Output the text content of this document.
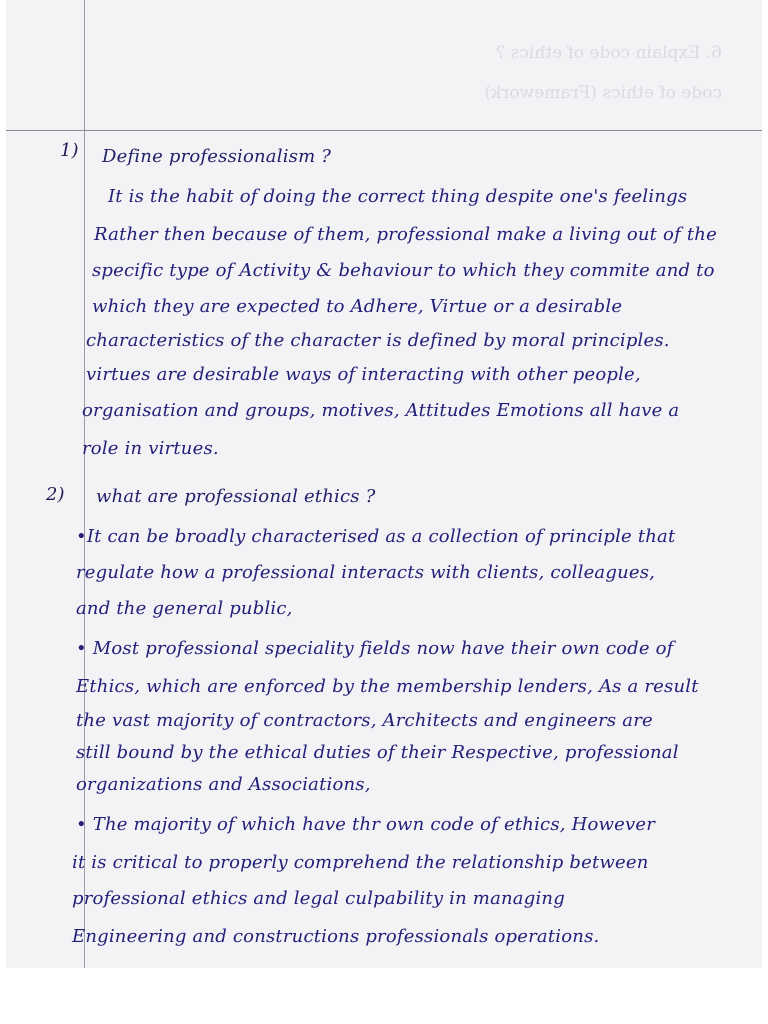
6. Explain code of ethics ?
code of ethics (Framework)
1) Define professionalism ?
It is the habit of doing the correct thing despite one's feelings
Rather then because of them, professional make a living out of the
specific type of Activity & behaviour to which they commite and to
which they are expected to Adhere, Virtue or a desirable
characteristics of the character is defined by moral principles.
virtues are desirable ways of interacting with other people,
organisation and groups, motives, Attitudes Emotions all have a
role in virtues.
2) what are professional ethics ?
•It can be broadly characterised as a collection of principle that
regulate how a professional interacts with clients, colleagues,
and the general public,
• Most professional speciality fields now have their own code of
Ethics, which are enforced by the membership lenders, As a result
the vast majority of contractors, Architects and engineers are
still bound by the ethical duties of their Respective, professional
organizations and Associations,
• The majority of which have thr own code of ethics, However
it is critical to properly comprehend the relationship between
professional ethics and legal culpability in managing
Engineering and constructions professionals operations.
